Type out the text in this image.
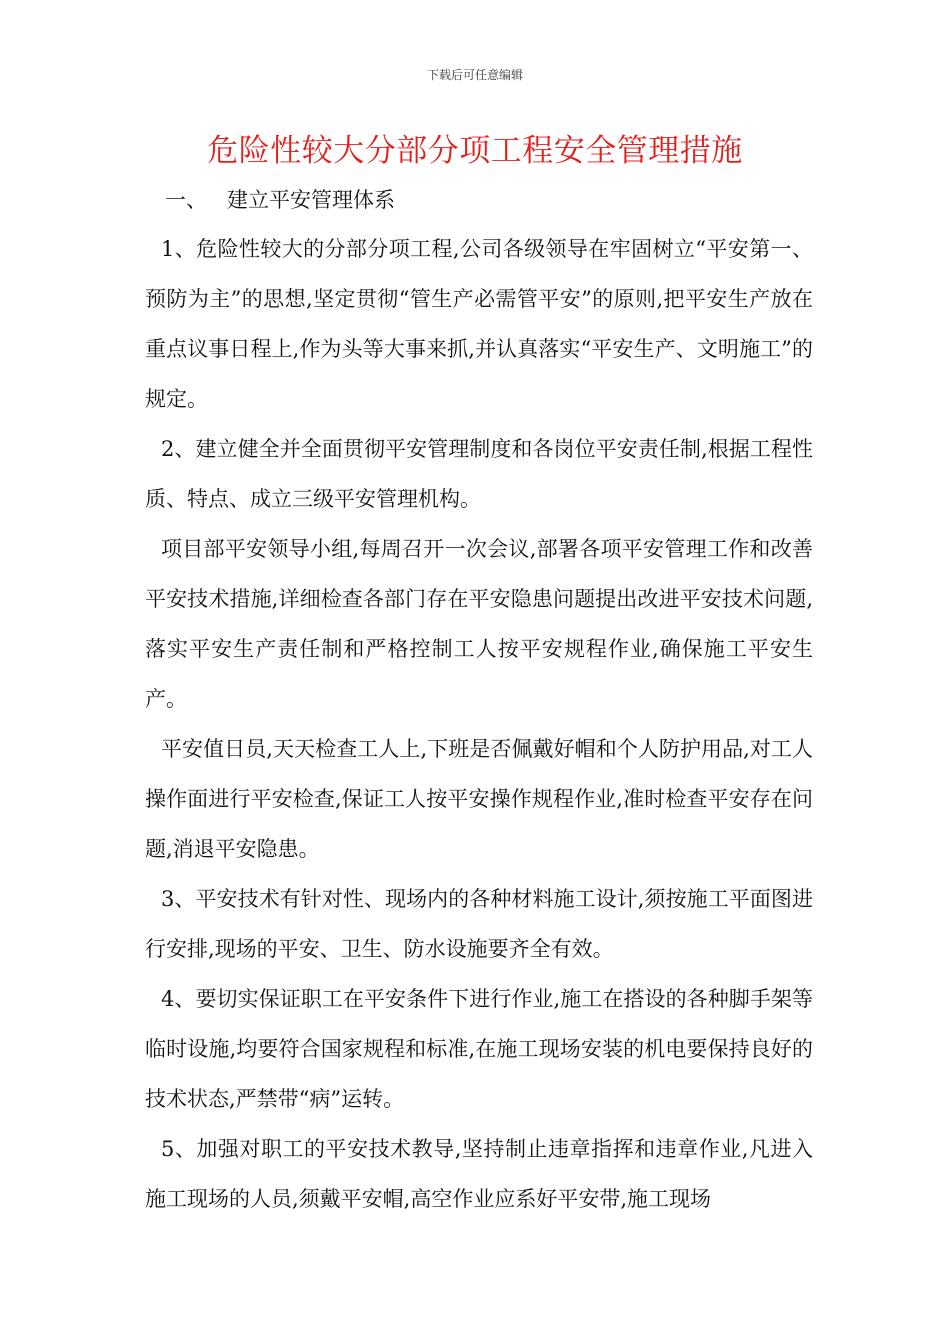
下载后可任意编辑
危险性较大分部分项工程安全管理措施
一、   建立平安管理体系

1、危险性较大的分部分项工程,公司各级领导在牢固树立“平安第一、预防为主”的思想,坚定贯彻“管生产必需管平安”的原则,把平安生产放在重点议事日程上,作为头等大事来抓,并认真落实“平安生产、文明施工”的规定。

2、建立健全并全面贯彻平安管理制度和各岗位平安责任制,根据工程性质、特点、成立三级平安管理机构。

项目部平安领导小组,每周召开一次会议,部署各项平安管理工作和改善平安技术措施,详细检查各部门存在平安隐患问题提出改进平安技术问题,落实平安生产责任制和严格控制工人按平安规程作业,确保施工平安生产。

平安值日员,天天检查工人上,下班是否佩戴好帽和个人防护用品,对工人操作面进行平安检查,保证工人按平安操作规程作业,准时检查平安存在问题,消退平安隐患。

3、平安技术有针对性、现场内的各种材料施工设计,须按施工平面图进行安排,现场的平安、卫生、防水设施要齐全有效。

4、要切实保证职工在平安条件下进行作业,施工在搭设的各种脚手架等临时设施,均要符合国家规程和标准,在施工现场安装的机电要保持良好的技术状态,严禁带“病”运转。

5、加强对职工的平安技术教导,坚持制止违章指挥和违章作业,凡进入施工现场的人员,须戴平安帽,高空作业应系好平安带,施工现场
